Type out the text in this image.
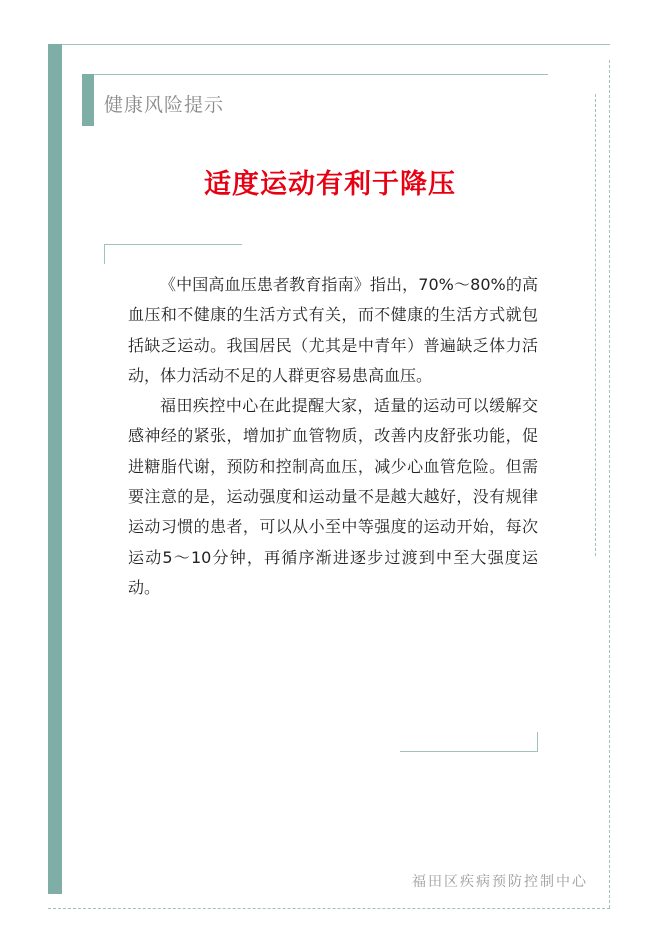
健康风险提示
适度运动有利于降压

《中国高血压患者教育指南》指出，70%～80%的高血压和不健康的生活方式有关，而不健康的生活方式就包括缺乏运动。我国居民（尤其是中青年）普遍缺乏体力活动，体力活动不足的人群更容易患高血压。

福田疾控中心在此提醒大家，适量的运动可以缓解交感神经的紧张，增加扩血管物质，改善内皮舒张功能，促进糖脂代谢，预防和控制高血压，减少心血管危险。但需要注意的是，运动强度和运动量不是越大越好，没有规律运动习惯的患者，可以从小至中等强度的运动开始，每次运动5～10分钟，再循序渐进逐步过渡到中至大强度运动。

福田区疾病预防控制中心
